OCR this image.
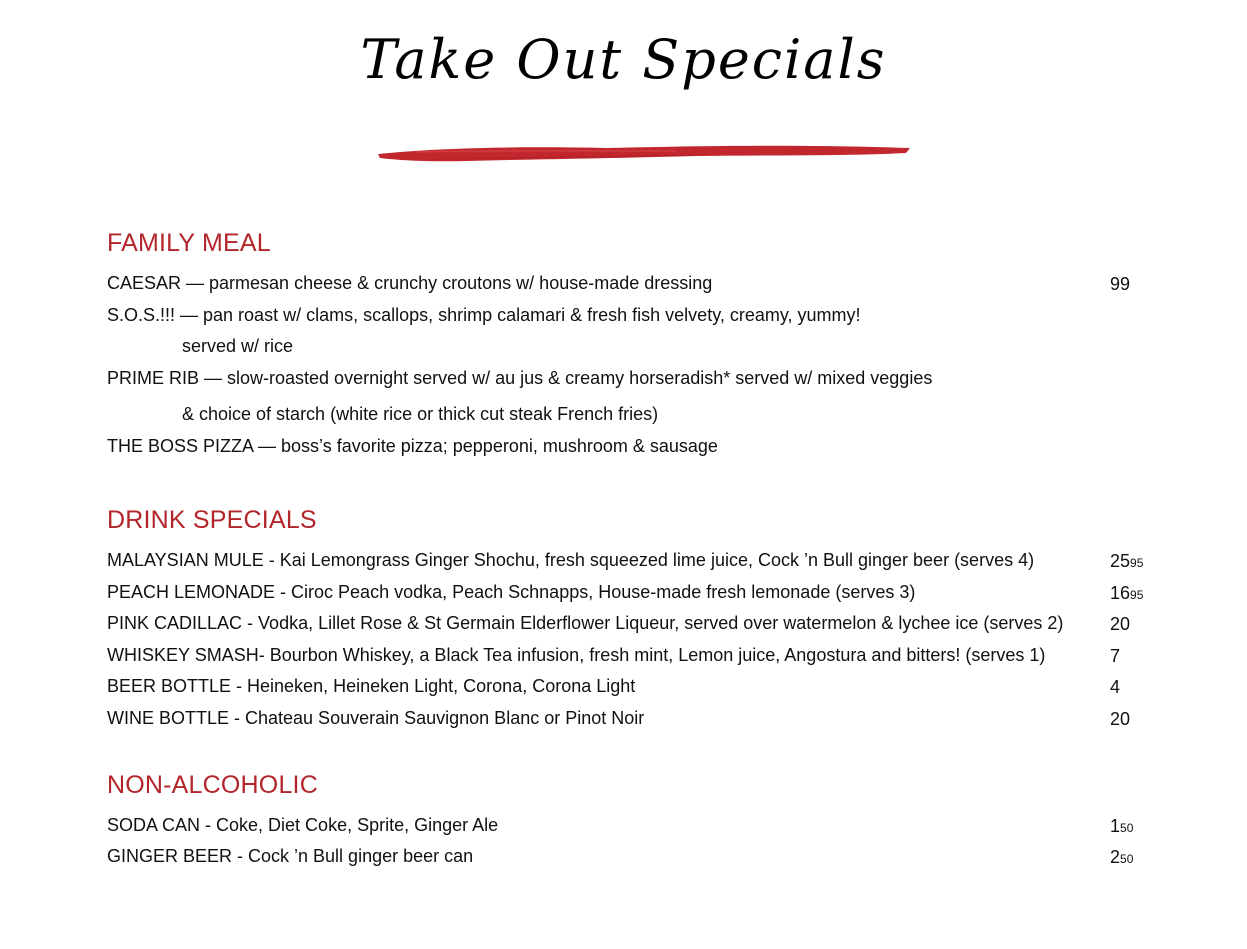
Take Out Specials
FAMILY MEAL
CAESAR — parmesan cheese & crunchy croutons w/ house-made dressing	99
S.O.S.!!! — pan roast w/ clams, scallops, shrimp calamari & fresh fish velvety, creamy, yummy!
served w/ rice
PRIME RIB — slow-roasted overnight served w/ au jus & creamy horseradish* served w/ mixed veggies
& choice of starch (white rice or thick cut steak French fries)
THE BOSS PIZZA — boss’s favorite pizza; pepperoni, mushroom & sausage
DRINK SPECIALS
MALAYSIAN MULE - Kai Lemongrass Ginger Shochu, fresh squeezed lime juice, Cock ’n Bull ginger beer (serves 4)	2595
PEACH LEMONADE - Ciroc Peach vodka, Peach Schnapps, House-made fresh lemonade (serves 3)	1695
PINK CADILLAC - Vodka, Lillet Rose & St Germain Elderflower Liqueur, served over watermelon & lychee ice (serves 2)	20
WHISKEY SMASH- Bourbon Whiskey, a Black Tea infusion, fresh mint, Lemon juice, Angostura and bitters! (serves 1)	7
BEER BOTTLE - Heineken, Heineken Light, Corona, Corona Light	4
WINE BOTTLE - Chateau Souverain Sauvignon Blanc or Pinot Noir	20
NON-ALCOHOLIC
SODA CAN - Coke, Diet Coke, Sprite, Ginger Ale	150
GINGER BEER - Cock ’n Bull ginger beer can	250
